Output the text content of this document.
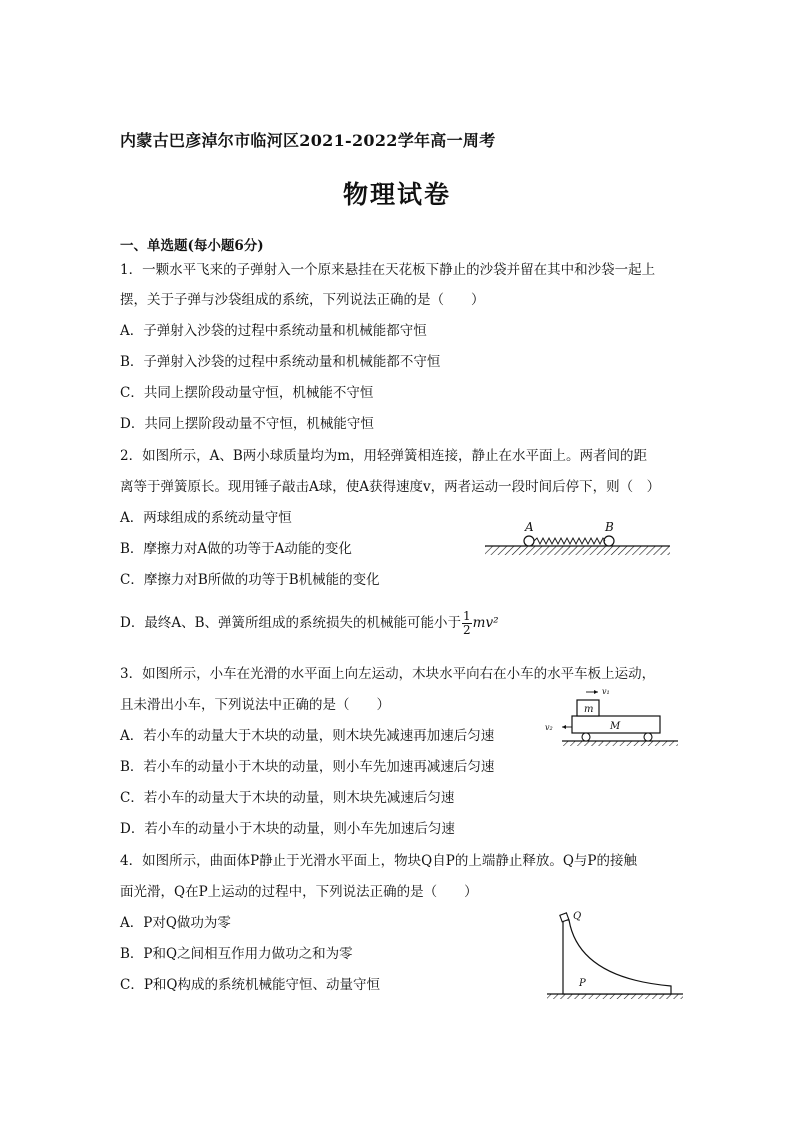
内蒙古巴彦淖尔市临河区2021-2022学年高一周考
物理试卷
一、单选题(每小题6分)
1．一颗水平飞来的子弹射入一个原来悬挂在天花板下静止的沙袋并留在其中和沙袋一起上
摆，关于子弹与沙袋组成的系统，下列说法正确的是（　　）
A．子弹射入沙袋的过程中系统动量和机械能都守恒
B．子弹射入沙袋的过程中系统动量和机械能都不守恒
C．共同上摆阶段动量守恒，机械能不守恒
D．共同上摆阶段动量不守恒，机械能守恒
2．如图所示，A、B两小球质量均为m，用轻弹簧相连接，静止在水平面上。两者间的距
离等于弹簧原长。现用锤子敲击A球，使A获得速度v，两者运动一段时间后停下，则（　）
A．两球组成的系统动量守恒
B．摩擦力对A做的功等于A动能的变化
C．摩擦力对B所做的功等于B机械能的变化
D．最终A、B、弹簧所组成的系统损失的机械能可能小于 $\frac{1}{2} mv^2$
A	B
3．如图所示，小车在光滑的水平面上向左运动，木块水平向右在小车的水平车板上运动，
且未滑出小车，下列说法中正确的是（　　）
A．若小车的动量大于木块的动量，则木块先减速再加速后匀速
B．若小车的动量小于木块的动量，则小车先加速再减速后匀速
C．若小车的动量大于木块的动量，则木块先减速后匀速
D．若小车的动量小于木块的动量，则小车先加速后匀速
m
M
v₁
v₂
4．如图所示，曲面体P静止于光滑水平面上，物块Q自P的上端静止释放。Q与P的接触
面光滑，Q在P上运动的过程中，下列说法正确的是（　　）
A．P对Q做功为零
B．P和Q之间相互作用力做功之和为零
C．P和Q构成的系统机械能守恒、动量守恒
Q
P
